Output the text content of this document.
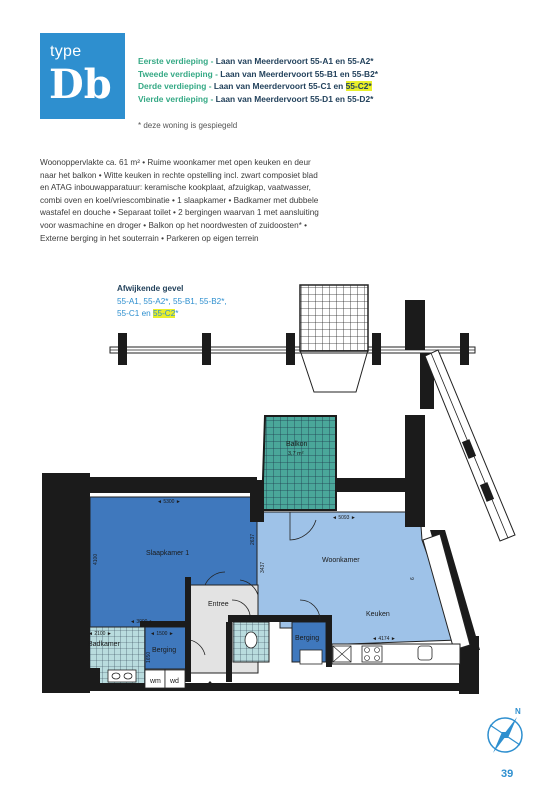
type
Db	Eerste verdieping - Laan van Meerdervoort 55-A1 en 55-A2*
Tweede verdieping - Laan van Meerdervoort 55-B1 en 55-B2*
Derde verdieping - Laan van Meerdervoort 55-C1 en 55-C2*
Vierde verdieping - Laan van Meerdervoort 55-D1 en 55-D2*
* deze woning is gespiegeld
Woonoppervlakte ca. 61 m² • Ruime woonkamer met open keuken en deur
naar het balkon • Witte keuken in rechte opstelling incl. zwart composiet blad
en ATAG inbouwapparatuur: keramische kookplaat, afzuigkap, vaatwasser,
combi oven en koel/vriescombinatie • 1 slaapkamer • Badkamer met dubbele
wastafel en douche • Separaat toilet • 2 bergingen waarvan 1 met aansluiting
voor wasmachine en droger • Balkon op het noordwesten of zuidoosten* •
Externe berging in het souterrain • Parkeren op eigen terrein
Afwijkende gevel
55-A1, 55-A2*, 55-B1, 55-B2*,
55-C1 en 55-C2*
wm wd
Balkon
3,7 m²
Slaapkamer 1
Woonkamer
Keuken
Entree
Badkamer
Berging
Berging
◄ 5300 ►
◄ 5093 ►
◄ 3000 ►
◄ 2100 ►	◄ 1500 ►
◄ 4174 ►
4100
2637
3437
1650
6
N
39
